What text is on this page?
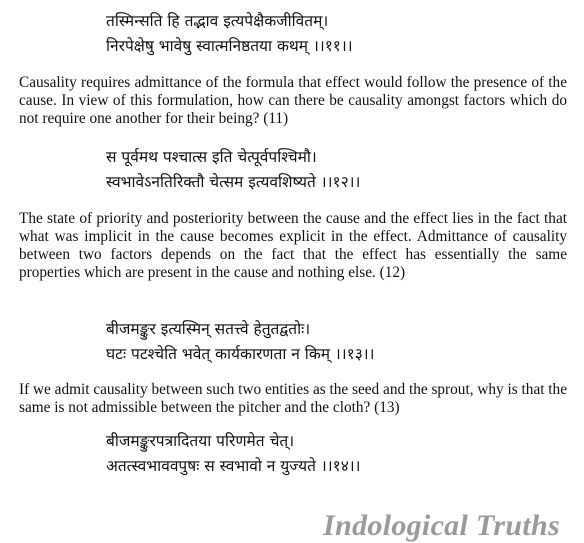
तस्मिन्सति हि तद्भाव इत्यपेक्षैकजीवितम्।
निरपेक्षेषु भावेषु स्वात्मनिष्ठतया कथम्‌ ।।११।।
Causality requires admittance of the formula that effect would follow the presence of the cause. In view of this formulation, how can there be causality amongst factors which do not require one another for their being? (11)
स पूर्वमथ पश्चात्स इति चेत्पूर्वपश्चिमौ।
स्वभावेऽनतिरिक्तौ चेत्सम इत्यवशिष्यते ।।१२।।
The state of priority and posteriority between the cause and the effect lies in the fact that what was implicit in the cause becomes explicit in the effect. Admittance of causality between two factors depends on the fact that the effect has essentially the same properties which are present in the cause and nothing else. (12)
बीजमङ्कुर इत्यस्मिन्‌ सतत्त्वे हेतुतद्वतोः।
घटः पटश्चेति भवेत्‌ कार्यकारणता न किम्‌ ।।१३।।
If we admit causality between such two entities as the seed and the sprout, why is that the same is not admissible between the pitcher and the cloth? (13)
बीजमङ्कुरपत्रादितया परिणमेत चेत्‌।
अतत्स्वभाववपुषः स स्वभावो न युज्यते ।।१४।।
Indological Truths
